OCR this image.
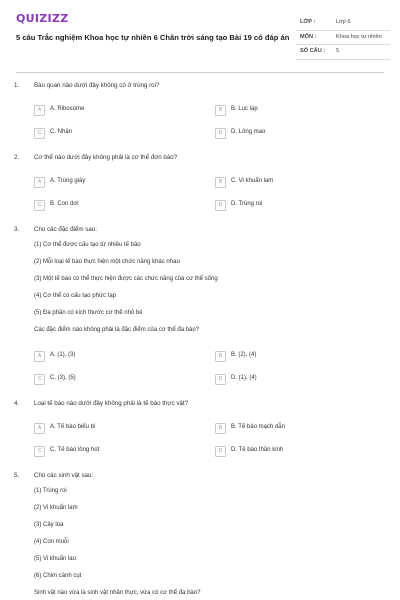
QUIZIZZ
5 câu Trắc nghiệm Khoa học tự nhiên 6 Chân trời sáng tạo Bài 19 có đáp án
LỚP :	Lớp 6
MÔN :	Khoa học tự nhiên
SỐ CÂU : 5
1. Bào quan nào dưới đây không có ở trùng roi?
A	A. Ribosome	B	B. Lục lạp
C	C. Nhân	D	D. Lông mao
2. Cơ thể nào dưới đây không phải là cơ thể đơn bào?
A	A. Trùng giày	B	C. Vi khuẩn lam
C	B. Con dơi	D	D. Trùng roi
3. Cho các đặc điểm sau:
(1) Cơ thể được cấu tạo từ nhiều tế bào
(2) Mỗi loại tế bào thực hiện một chức năng khác nhau
(3) Một tế bào có thể thực hiện được các chức năng của cơ thể sống
(4) Cơ thể có cấu tạo phức tạp
(5) Đa phần có kích thước cơ thể nhỏ bé
Các đặc điểm nào không phải là đặc điểm của cơ thể đa bào?
A	A. (1), (3)	B	B. (2), (4)
C	C. (3), (5)	D	D. (1), (4)
4. Loại tế bào nào dưới đây không phải là tế bào thực vật?
A	A. Tế bào biểu bì	B	B. Tế bào mạch dẫn
C	C. Tế bào lông hút	D	D. Tế bào thần kinh
5. Cho các sinh vật sau:
(1) Trùng roi
(2) Vi khuẩn lam
(3) Cây lúa
(4) Con muỗi
(5) Vi khuẩn lao
(6) Chim cánh cụt
Sinh vật nào vừa là sinh vật nhân thực, vừa có cơ thể đa bào?
